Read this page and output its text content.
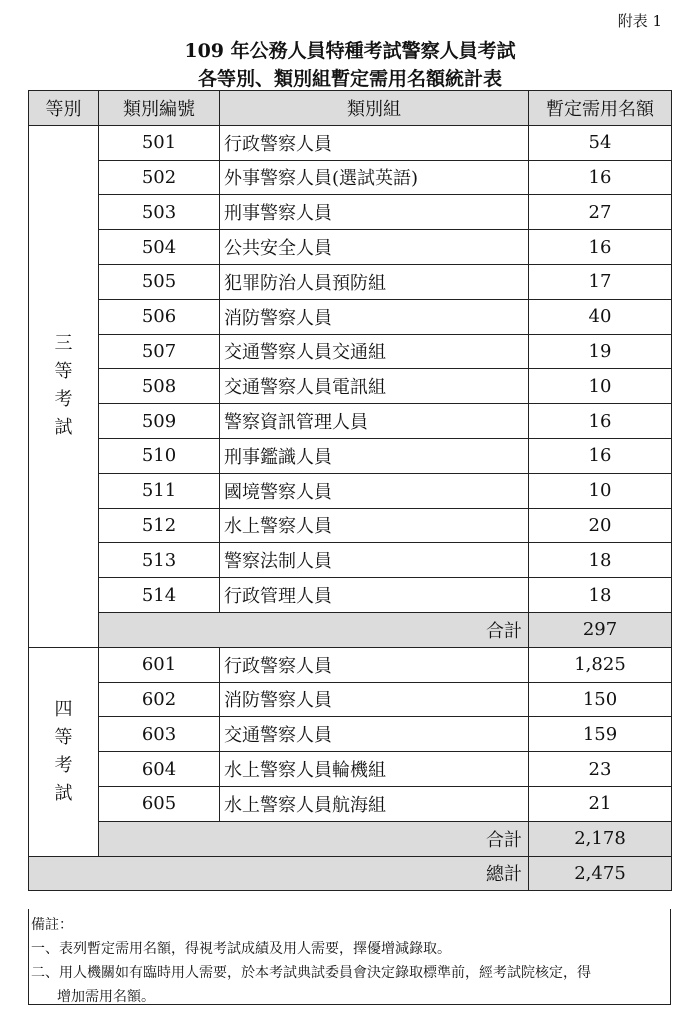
附表 1
109 年公務人員特種考試警察人員考試
各等別、類別組暫定需用名額統計表
等別	類別編號	類別組	暫定需用名額

三
等
考
試	501	行政警察人員	54
	502	外事警察人員(選試英語)	16
	503	刑事警察人員	27
	504	公共安全人員	16
	505	犯罪防治人員預防組	17
	506	消防警察人員	40
	507	交通警察人員交通組	19
	508	交通警察人員電訊組	10
	509	警察資訊管理人員	16
	510	刑事鑑識人員	16
	511	國境警察人員	10
	512	水上警察人員	20
	513	警察法制人員	18
	514	行政管理人員	18
	合計		297

四
等
考
試	601	行政警察人員	1,825
	602	消防警察人員	150
	603	交通警察人員	159
	604	水上警察人員輪機組	23
	605	水上警察人員航海組	21
	合計		2,178
總計			2,475
備註：
一、表列暫定需用名額，得視考試成績及用人需要，擇優增減錄取。
二、用人機關如有臨時用人需要，於本考試典試委員會決定錄取標準前，經考試院核定，得
增加需用名額。
